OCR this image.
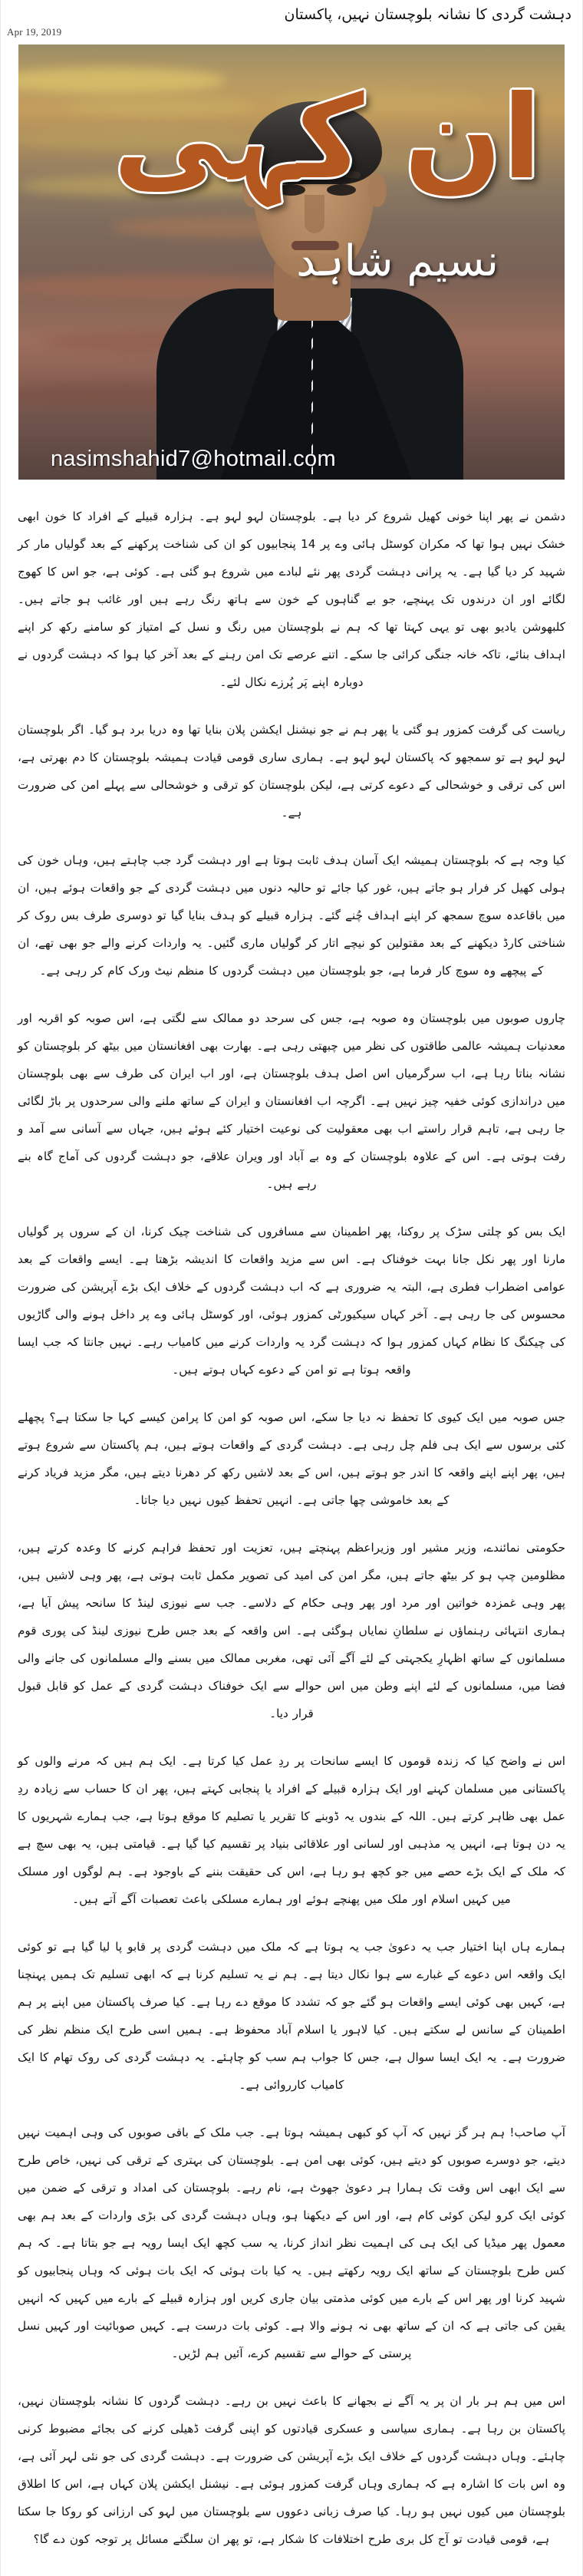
دہشت گردی کا نشانہ بلوچستان نہیں، پاکستان
Apr 19, 2019
ان کہی
نسیم شاہد
nasimshahid7@hotmail.com

دشمن نے پھر اپنا خونی کھیل شروع کر دیا ہے۔ بلوچستان لہو لہو ہے۔ ہزارہ قبیلے کے افراد کا خون ابھی خشک نہیں ہوا تھا کہ مکران کوسٹل ہائی وے پر 14 پنجابیوں کو ان کی شناخت پرکھنے کے بعد گولیاں مار کر شہید کر دیا گیا ہے۔ یہ پرانی دہشت گردی پھر نئے لبادے میں شروع ہو گئی ہے۔ کوئی ہے، جو اس کا کھوج لگائے اور ان درندوں تک پہنچے، جو بے گناہوں کے خون سے ہاتھ رنگ رہے ہیں اور غائب ہو جاتے ہیں۔ کلبھوشن یادیو بھی تو یہی کہتا تھا کہ ہم نے بلوچستان میں رنگ و نسل کے امتیاز کو سامنے رکھ کر اپنے اہداف بنائے، تاکہ خانہ جنگی کرائی جا سکے۔ اتنے عرصے تک امن رہنے کے بعد آخر کیا ہوا کہ دہشت گردوں نے دوبارہ اپنے پَر پُرزے نکال لئے۔

ریاست کی گرفت کمزور ہو گئی یا پھر ہم نے جو نیشنل ایکشن پلان بنایا تھا وہ دریا برد ہو گیا۔ اگر بلوچستان لہو لہو ہے تو سمجھو کہ پاکستان لہو لہو ہے۔ ہماری ساری قومی قیادت ہمیشہ بلوچستان کا دم بھرتی ہے، اس کی ترقی و خوشحالی کے دعوے کرتی ہے، لیکن بلوچستان کو ترقی و خوشحالی سے پہلے امن کی ضرورت ہے۔

کیا وجہ ہے کہ بلوچستان ہمیشہ ایک آسان ہدف ثابت ہوتا ہے اور دہشت گرد جب چاہتے ہیں، وہاں خون کی ہولی کھیل کر فرار ہو جاتے ہیں، غور کیا جائے تو حالیہ دنوں میں دہشت گردی کے جو واقعات ہوئے ہیں، ان میں باقاعدہ سوچ سمجھ کر اپنے اہداف چُنے گئے۔ ہزارہ قبیلے کو ہدف بنایا گیا تو دوسری طرف بس روک کر شناختی کارڈ دیکھنے کے بعد مقتولین کو نیچے اتار کر گولیاں ماری گئیں۔ یہ واردات کرنے والے جو بھی تھے، ان کے پیچھے وہ سوچ کار فرما ہے، جو بلوچستان میں دہشت گردوں کا منظم نیٹ ورک کام کر رہی ہے۔

چاروں صوبوں میں بلوچستان وہ صوبہ ہے، جس کی سرحد دو ممالک سے لگتی ہے، اس صوبہ کو اقربہ اور معدنیات ہمیشہ عالمی طاقتوں کی نظر میں چبھتی رہی ہے۔ بھارت بھی افغانستان میں بیٹھ کر بلوچستان کو نشانہ بناتا رہا ہے، اب سرگرمیاں اس اصل ہدف بلوچستان ہے، اور اب ایران کی طرف سے بھی بلوچستان میں دراندازی کوئی خفیہ چیز نہیں ہے۔ اگرچہ اب افغانستان و ایران کے ساتھ ملنے والی سرحدوں پر باڑ لگائی جا رہی ہے، تاہم قرار راستے اب بھی معقولیت کی نوعیت اختیار کئے ہوئے ہیں، جہاں سے آسانی سے آمد و رفت ہوتی ہے۔ اس کے علاوہ بلوچستان کے وہ بے آباد اور ویران علاقے، جو دہشت گردوں کی آماج گاہ بنے رہے ہیں۔

ایک بس کو چلتی سڑک پر روکنا، پھر اطمینان سے مسافروں کی شناخت چیک کرنا، ان کے سروں پر گولیاں مارنا اور پھر نکل جانا بہت خوفناک ہے۔ اس سے مزید واقعات کا اندیشہ بڑھتا ہے۔ ایسے واقعات کے بعد عوامی اضطراب فطری ہے، البتہ یہ ضروری ہے کہ اب دہشت گردوں کے خلاف ایک بڑے آپریشن کی ضرورت محسوس کی جا رہی ہے۔ آخر کہاں سیکیورٹی کمزور ہوئی، اور کوسٹل ہائی وے پر داخل ہونے والی گاڑیوں کی چیکنگ کا نظام کہاں کمزور ہوا کہ دہشت گرد یہ واردات کرنے میں کامیاب رہے۔ نہیں جانتا کہ جب ایسا واقعہ ہوتا ہے تو امن کے دعوے کہاں ہوتے ہیں۔

جس صوبہ میں ایک کیوی کا تحفظ نہ دیا جا سکے، اس صوبہ کو امن کا پرامن کیسے کہا جا سکتا ہے؟ پچھلے کئی برسوں سے ایک ہی فلم چل رہی ہے۔ دہشت گردی کے واقعات ہوتے ہیں، ہم پاکستان سے شروع ہوتے ہیں، پھر اپنے اپنے واقعہ کا اندر جو ہوتے ہیں، اس کے بعد لاشیں رکھ کر دھرنا دیتے ہیں، مگر مزید فریاد کرنے کے بعد خاموشی چھا جاتی ہے۔ انہیں تحفظ کیوں نہیں دیا جاتا۔

حکومتی نمائندے، وزیر مشیر اور وزیراعظم پہنچتے ہیں، تعزیت اور تحفظ فراہم کرنے کا وعدہ کرتے ہیں، مظلومین چپ ہو کر بیٹھ جاتے ہیں، مگر امن کی امید کی تصویر مکمل ثابت ہوتی ہے، پھر وہی لاشیں ہیں، پھر وہی غمزدہ خواتین اور مرد اور پھر وہی حکام کے دلاسے۔ جب سے نیوزی لینڈ کا سانحہ پیش آیا ہے، ہماری انتہائی رہنماؤں نے سلطانِ نمایاں ہوگئی ہے۔ اس واقعہ کے بعد جس طرح نیوزی لینڈ کی پوری قوم مسلمانوں کے ساتھ اظہارِ یکجہتی کے لئے آگے آئی تھی، مغربی ممالک میں بسنے والے مسلمانوں کی جانے والی فضا میں، مسلمانوں کے لئے اپنے وطن میں اس حوالے سے ایک خوفناک دہشت گردی کے عمل کو قابل قبول قرار دیا۔

اس نے واضح کیا کہ زندہ قوموں کا ایسے سانحات پر ردِ عمل کیا کرتا ہے۔ ایک ہم ہیں کہ مرنے والوں کو پاکستانی میں مسلمان کہنے اور ایک ہزارہ قبیلے کے افراد یا پنجابی کہتے ہیں، پھر ان کا حساب سے زیادہ ردِ عمل بھی ظاہر کرتے ہیں۔ اللہ کے بندوں یہ ڈوبنے کا تقریر یا تصلیم کا موقع ہوتا ہے، جب ہمارے شہریوں کا یہ دن ہوتا ہے، انہیں یہ مذہبی اور لسانی اور علاقائی بنیاد پر تقسیم کیا گیا ہے۔ قیامتی ہیں، یہ بھی سچ ہے کہ ملک کے ایک بڑے حصے میں جو کچھ ہو رہا ہے، اس کی حقیقت بننے کے باوجود ہے۔ ہم لوگوں اور مسلک میں کہیں اسلام اور ملک میں پھنچے ہوئے اور ہمارے مسلکی باعث تعصبات آگے آتے ہیں۔

ہمارے ہاں اپنا اختیار جب یہ دعویٰ جب یہ ہوتا ہے کہ ملک میں دہشت گردی پر قابو پا لیا گیا ہے تو کوئی ایک واقعہ اس دعوے کے غبارے سے ہوا نکال دیتا ہے۔ ہم نے یہ تسلیم کرنا ہے کہ ابھی تسلیم تک ہمیں پہنچنا ہے، کہیں بھی کوئی ایسے واقعات ہو گئے جو کہ تشدد کا موقع دے رہا ہے۔ کیا صرف پاکستان میں اپنے پر ہم اطمینان کے سانس لے سکتے ہیں۔ کیا لاہور یا اسلام آباد محفوظ ہے۔ ہمیں اسی طرح ایک منظم نظر کی ضرورت ہے۔ یہ ایک ایسا سوال ہے، جس کا جواب ہم سب کو چاہئے۔ یہ دہشت گردی کی روک تھام کا ایک کامیاب کارروائی ہے۔

آپ صاحب! ہم ہر گز نہیں کہ آپ کو کبھی ہمیشہ ہوتا ہے۔ جب ملک کے باقی صوبوں کی وہی اہمیت نہیں دیتے، جو دوسرے صوبوں کو دیتے ہیں، کوئی بھی امن ہے۔ بلوچستان کی بہتری کے ترقی کی نہیں، خاص طرح سے ایک ابھی اس وقت تک ہمارا ہر دعویٰ جھوٹ ہے، نام رہے۔ بلوچستان کی امداد و ترقی کے ضمن میں کوئی ایک کرو لیکن کوئی کام ہے، اور اس کے دیکھنا ہو، وہاں دہشت گردی کی بڑی واردات کے بعد ہم بھی معمول پھر میڈیا کی ایک ہی کی اہمیت نظر انداز کرنا، یہ سب کچھ ایک ایسا رویہ ہے جو بتاتا ہے۔ کہ ہم کس طرح بلوچستان کے ساتھ ایک رویہ رکھتے ہیں۔ یہ کیا بات ہوئی کہ ایک بات ہوئی کہ وہاں پنجابیوں کو شہید کرنا اور پھر اس کے بارے میں کوئی مذمتی بیان جاری کریں اور ہزارہ قبیلے کے بارے میں کہیں کہ انہیں یقین کی جاتی ہے کہ ان کے ساتھ بھی نہ ہونے والا ہے۔ کوئی بات درست ہے۔ کہیں صوبائیت اور کہیں نسل پرستی کے حوالے سے تقسیم کرے، آئیں ہم لڑیں۔

اس میں ہم ہر بار ان پر یہ آگے نے بجھانے کا باعث نہیں بن رہے۔ دہشت گردوں کا نشانہ بلوچستان نہیں، پاکستان بن رہا ہے۔ ہماری سیاسی و عسکری قیادتوں کو اپنی گرفت ڈھیلی کرنے کی بجائے مضبوط کرنی چاہئے۔ وہاں دہشت گردوں کے خلاف ایک بڑے آپریشن کی ضرورت ہے۔ دہشت گردی کی جو نئی لہر آئی ہے، وہ اس بات کا اشارہ ہے کہ ہماری وہاں گرفت کمزور ہوئی ہے۔ نیشنل ایکشن پلان کہاں ہے، اس کا اطلاق بلوچستان میں کیوں نہیں ہو رہا۔ کیا صرف زبانی دعووں سے بلوچستان میں لہو کی ارزانی کو روکا جا سکتا ہے، قومی قیادت تو آج کل بری طرح اختلافات کا شکار ہے، تو پھر ان سلگتے مسائل پر توجہ کون دے گا؟
